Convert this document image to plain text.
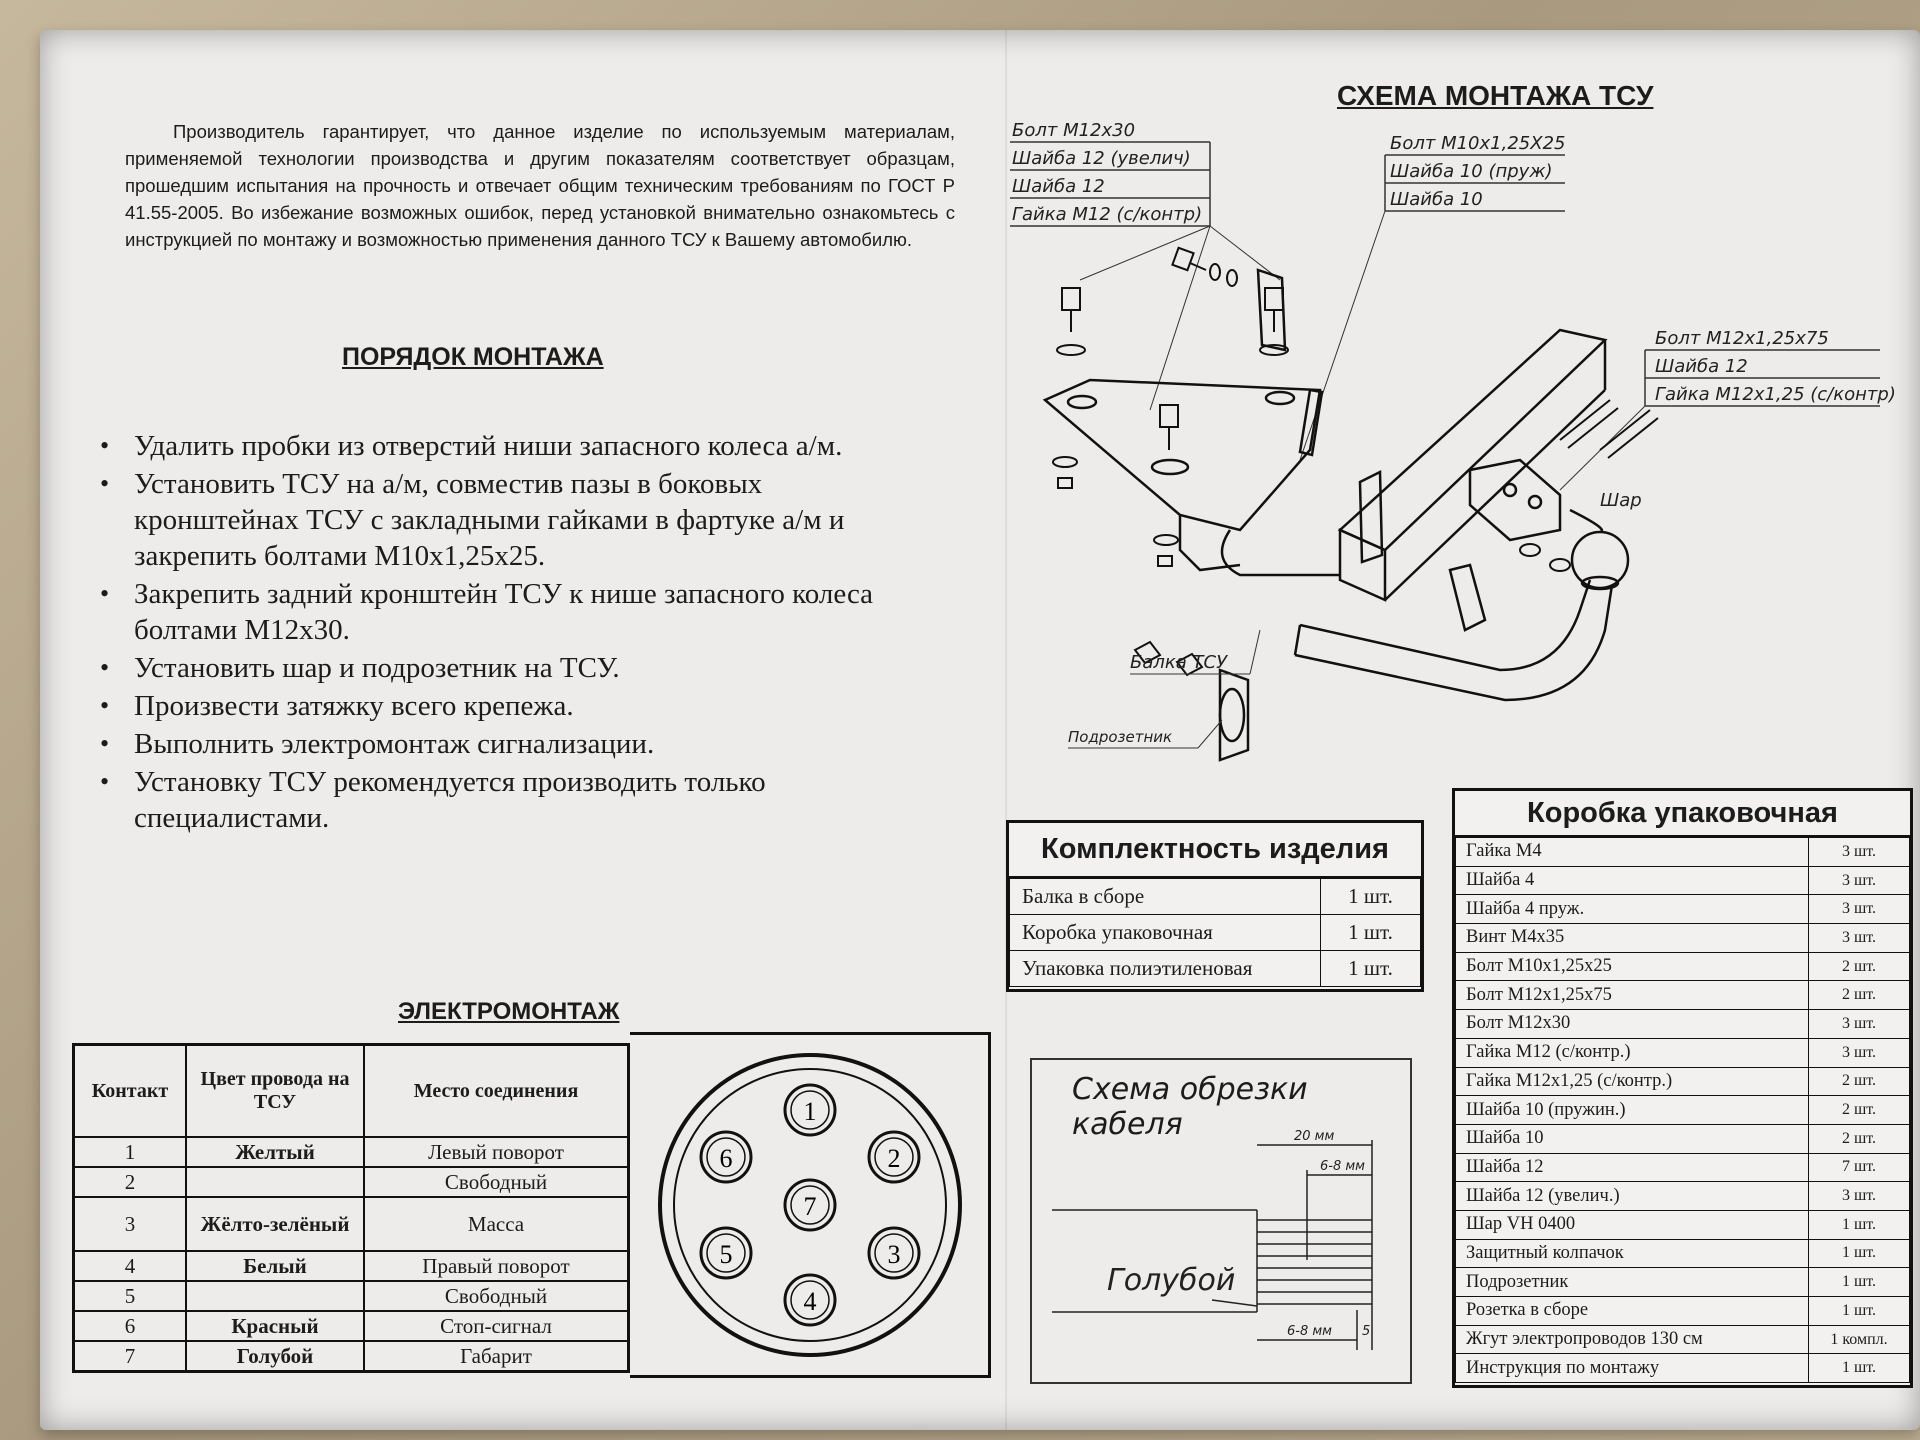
Производитель гарантирует, что данное изделие по используемым материалам, применяемой технологии производства и другим показателям соответствует образцам, прошедшим испытания на прочность и отвечает общим техническим требованиям по ГОСТ Р 41.55-2005. Во избежание возможных ошибок, перед установкой внимательно ознакомьтесь с инструкцией по монтажу и возможностью применения данного ТСУ к Вашему автомобилю.

ПОРЯДОК МОНТАЖА
• Удалить пробки из отверстий ниши запасного колеса а/м.
• Установить ТСУ на а/м, совместив пазы в боковых кронштейнах ТСУ с закладными гайками в фартуке а/м и закрепить болтами М10х1,25х25.
• Закрепить задний кронштейн ТСУ к нише запасного колеса болтами М12х30.
• Установить шар и подрозетник на ТСУ.
• Произвести затяжку всего крепежа.
• Выполнить электромонтаж сигнализации.
• Установку ТСУ рекомендуется производить только специалистами.
ЭЛЕКТРОМОНТАЖ
Контакт	Цвет провода на ТСУ	Место соединения
1	Желтый	Левый поворот
2		Свободный
3	Жёлто-зелёный	Масса
4	Белый	Правый поворот
5		Свободный
6	Красный	Стоп-сигнал
7	Голубой	Габарит
1
2
3
4
5
6
7
СХЕМА МОНТАЖА ТСУ
Болт М12х30
Шайба 12 (увелич)
Шайба 12
Гайка М12 (с/контр)
Болт М10х1,25Х25
Шайба 10 (пруж)
Шайба 10
Болт М12х1,25х75
Шайба 12
Гайка М12х1,25 (с/контр)
Шар
Балка ТСУ
Подрозетник
Комплектность изделия
Балка в сборе	1 шт.
Коробка упаковочная	1 шт.
Упаковка полиэтиленовая	1 шт.
Схема обрезки кабеля	20 мм
6-8 мм
6-8 мм 5
Голубой
Коробка упаковочная
Гайка М4	3 шт.
Шайба 4	3 шт.
Шайба 4 пруж.	3 шт.
Винт М4х35	3 шт.
Болт М10х1,25х25	2 шт.
Болт М12х1,25х75	2 шт.
Болт М12х30	3 шт.
Гайка М12 (с/контр.)	3 шт.
Гайка М12х1,25 (с/контр.)	2 шт.
Шайба 10 (пружин.)	2 шт.
Шайба 10	2 шт.
Шайба 12	7 шт.
Шайба 12 (увелич.)	3 шт.
Шар VH 0400	1 шт.
Защитный колпачок	1 шт.
Подрозетник	1 шт.
Розетка в сборе	1 шт.
Жгут электропроводов 130 см	1 компл.
Инструкция по монтажу	1 шт.
